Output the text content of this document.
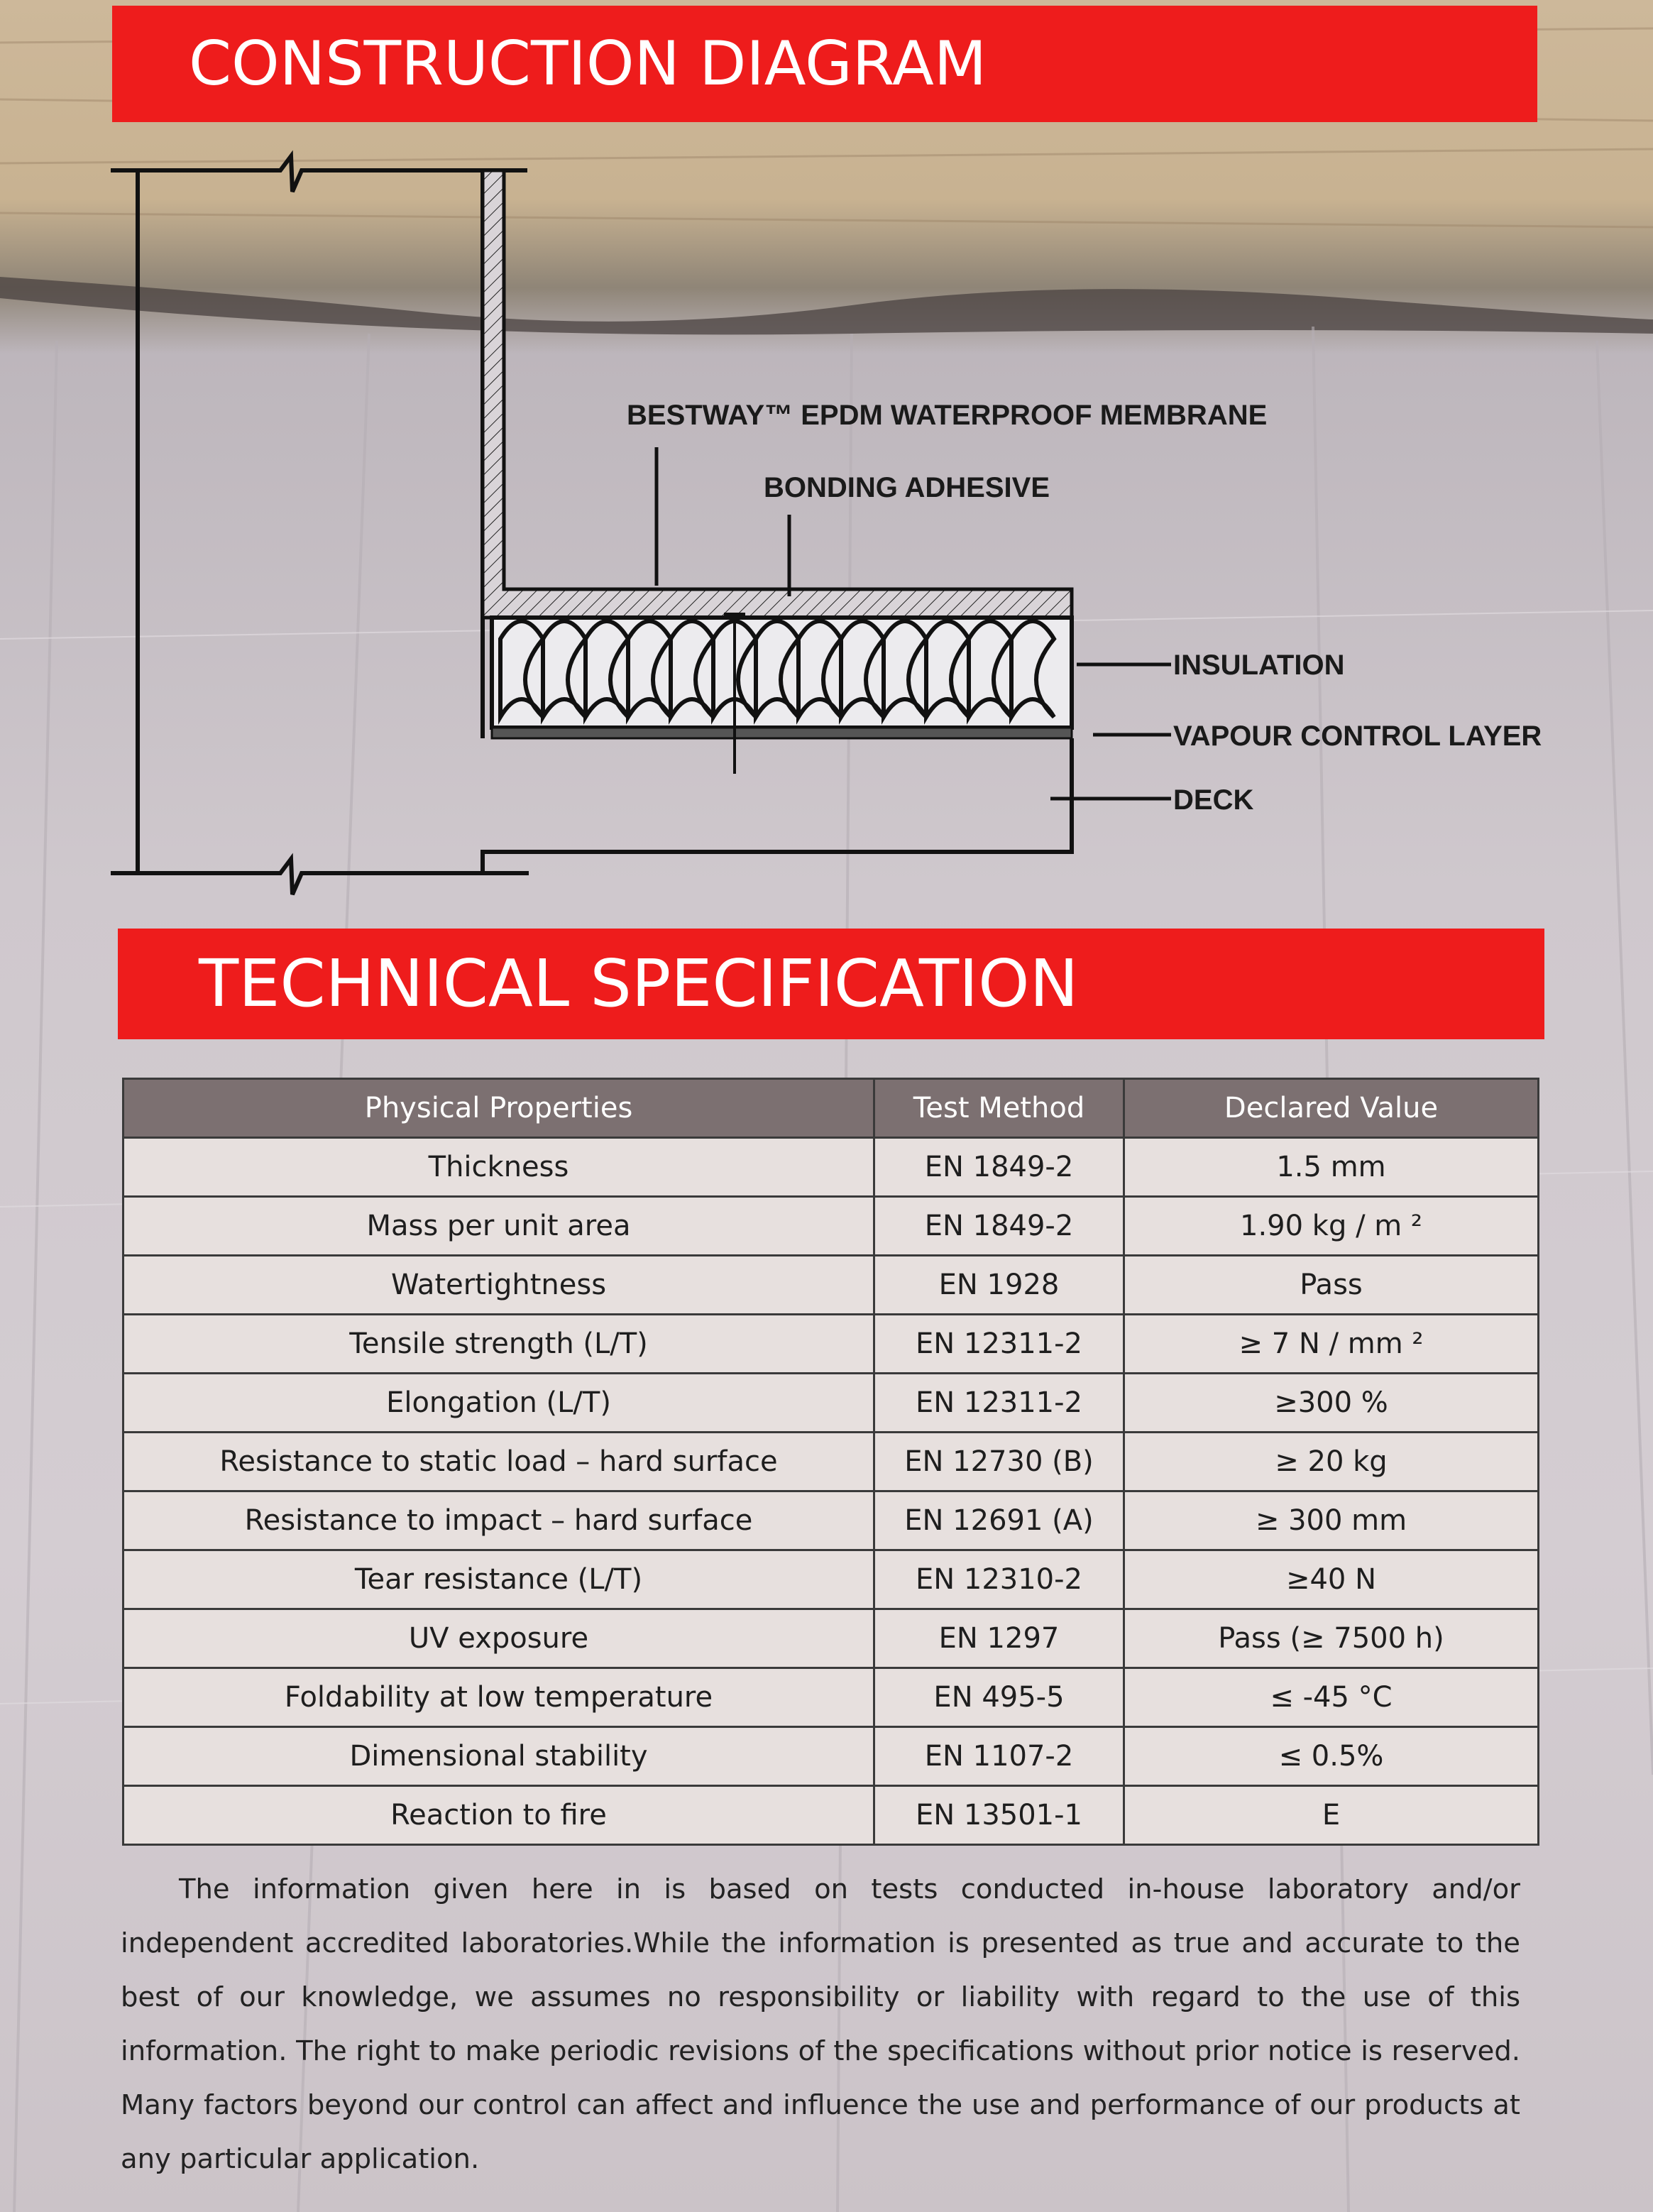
CONSTRUCTION DIAGRAM
BESTWAY™ EPDM WATERPROOF MEMBRANE
BONDING ADHESIVE
INSULATION
VAPOUR CONTROL LAYER
DECK
TECHNICAL SPECIFICATION
Physical Properties	Test Method	Declared Value
Thickness	EN 1849-2	1.5 mm
Mass per unit area	EN 1849-2	1.90 kg / m ²
Watertightness	EN 1928	Pass
Tensile strength (L/T)	EN 12311-2	≥ 7 N / mm ²
Elongation (L/T)	EN 12311-2	≥300 %
Resistance to static load – hard surface	EN 12730 (B)	≥ 20 kg
Resistance to impact – hard surface	EN 12691 (A)	≥ 300 mm
Tear resistance (L/T)	EN 12310-2	≥40 N
UV exposure	EN 1297	Pass (≥ 7500 h)
Foldability at low temperature	EN 495-5	≤ -45 °C
Dimensional stability	EN 1107-2	≤ 0.5%
Reaction to fire	EN 13501-1	E

The information given here in is based on tests conducted in-house laboratory and/or independent accredited laboratories.While the information is presented as true and accurate to the best of our knowledge, we assumes no responsibility or liability with regard to the use of this information. The right to make periodic revisions of the specifications without prior notice is reserved. Many factors beyond our control can affect and influence the use and performance of our products at any particular application.
